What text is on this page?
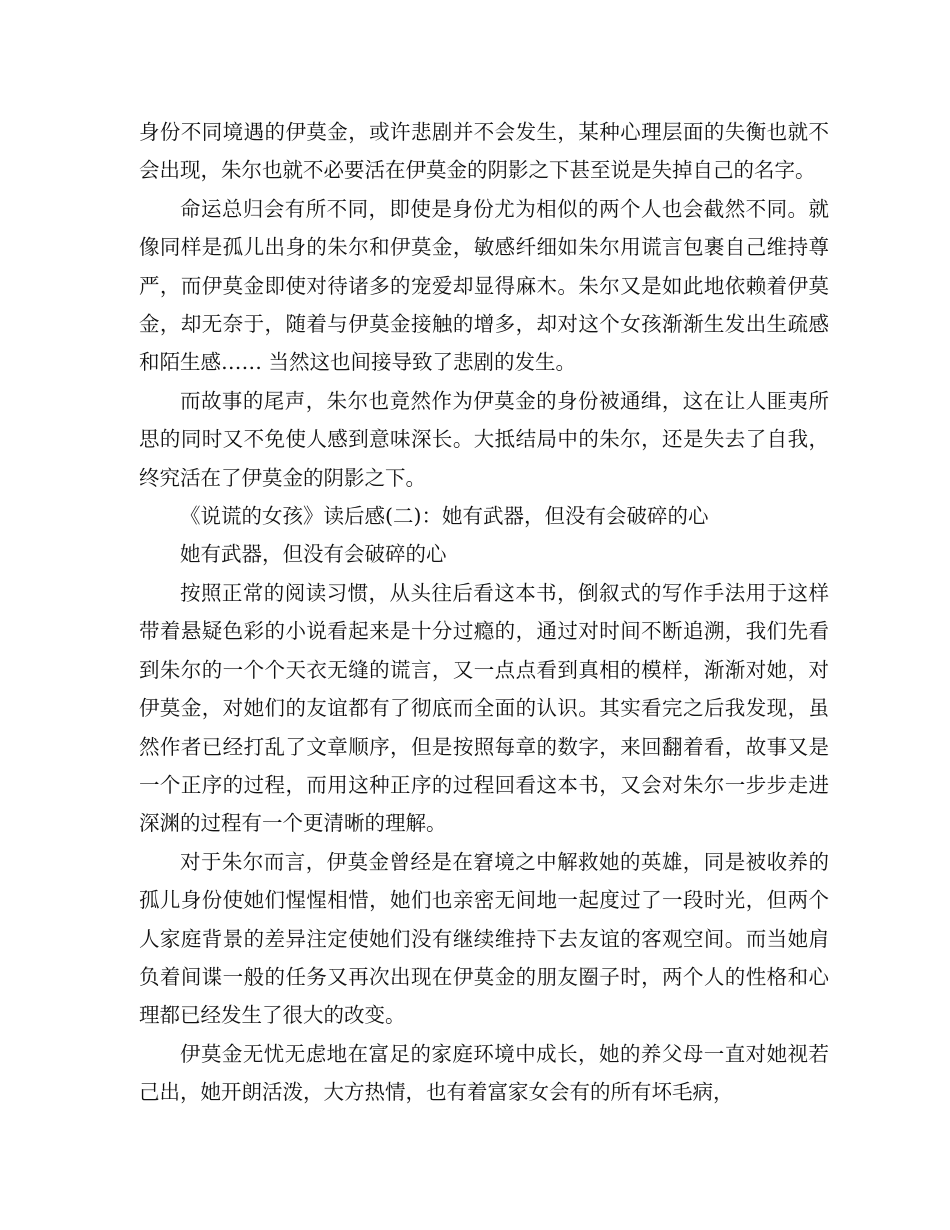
身份不同境遇的伊莫金，或许悲剧并不会发生，某种心理层面的失衡也就不会出现，朱尔也就不必要活在伊莫金的阴影之下甚至说是失掉自己的名字。

命运总归会有所不同，即使是身份尤为相似的两个人也会截然不同。就像同样是孤儿出身的朱尔和伊莫金，敏感纤细如朱尔用谎言包裹自己维持尊严，而伊莫金即使对待诸多的宠爱却显得麻木。朱尔又是如此地依赖着伊莫金，却无奈于，随着与伊莫金接触的增多，却对这个女孩渐渐生发出生疏感和陌生感…… 当然这也间接导致了悲剧的发生。

而故事的尾声，朱尔也竟然作为伊莫金的身份被通缉，这在让人匪夷所思的同时又不免使人感到意味深长。大抵结局中的朱尔，还是失去了自我，终究活在了伊莫金的阴影之下。

《说谎的女孩》读后感(二)：她有武器，但没有会破碎的心

她有武器，但没有会破碎的心

按照正常的阅读习惯，从头往后看这本书，倒叙式的写作手法用于这样带着悬疑色彩的小说看起来是十分过瘾的，通过对时间不断追溯，我们先看到朱尔的一个个天衣无缝的谎言，又一点点看到真相的模样，渐渐对她，对伊莫金，对她们的友谊都有了彻底而全面的认识。其实看完之后我发现，虽然作者已经打乱了文章顺序，但是按照每章的数字，来回翻着看，故事又是一个正序的过程，而用这种正序的过程回看这本书，又会对朱尔一步步走进深渊的过程有一个更清晰的理解。

对于朱尔而言，伊莫金曾经是在窘境之中解救她的英雄，同是被收养的孤儿身份使她们惺惺相惜，她们也亲密无间地一起度过了一段时光，但两个人家庭背景的差异注定使她们没有继续维持下去友谊的客观空间。而当她肩负着间谍一般的任务又再次出现在伊莫金的朋友圈子时，两个人的性格和心理都已经发生了很大的改变。

伊莫金无忧无虑地在富足的家庭环境中成长，她的养父母一直对她视若己出，她开朗活泼，大方热情，也有着富家女会有的所有坏毛病，
